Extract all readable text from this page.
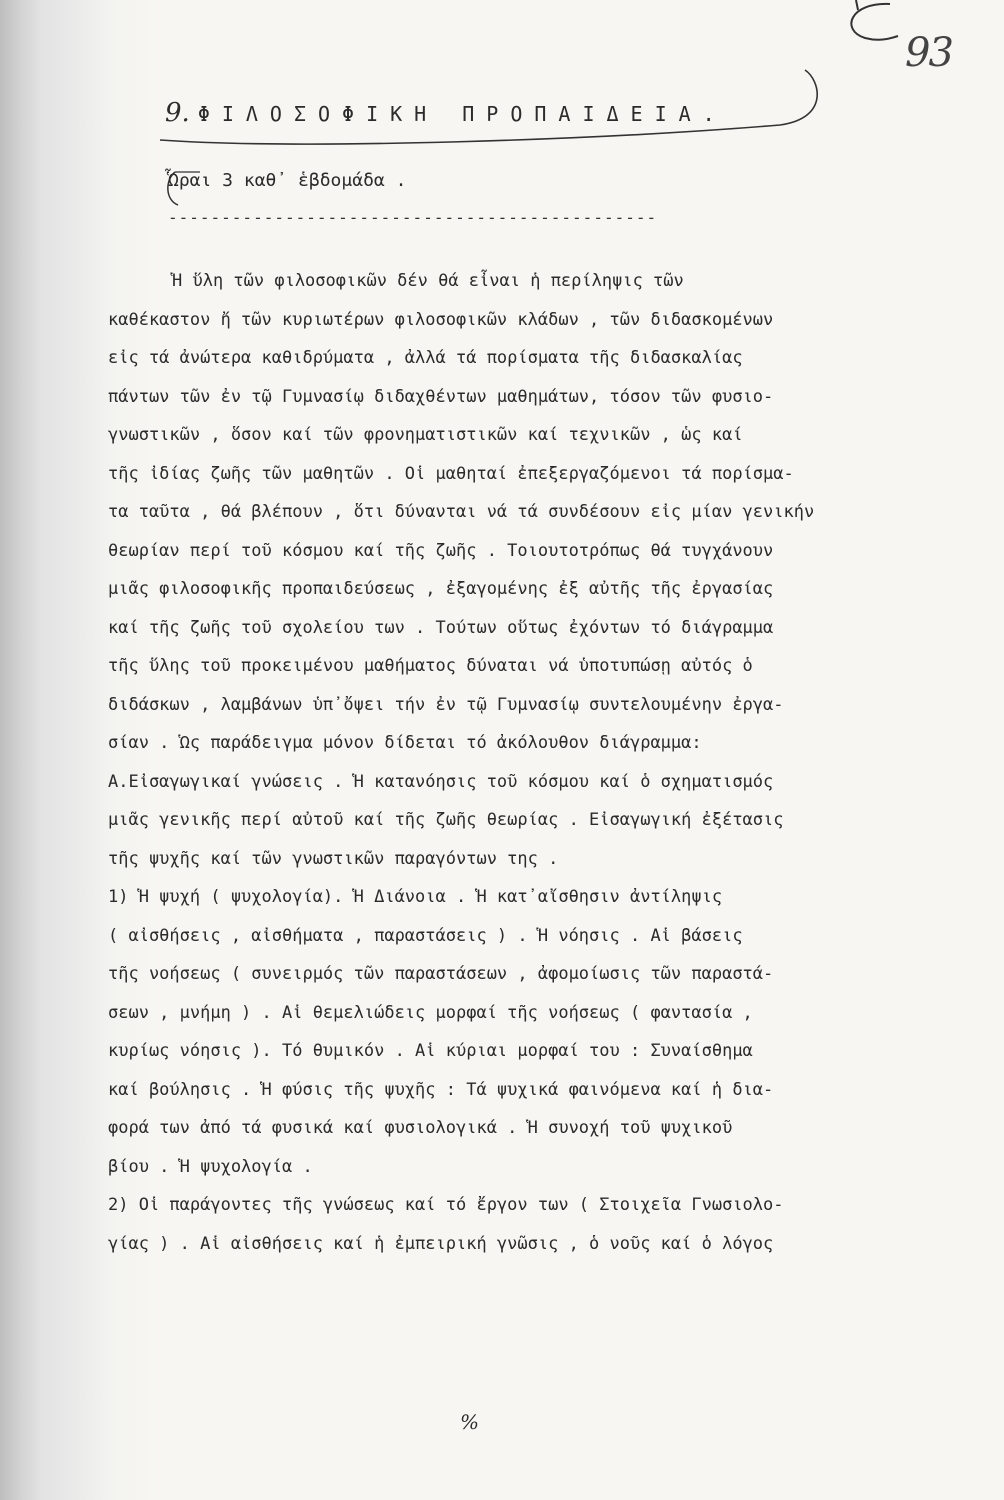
93
9. ΦΙΛΟΣΟΦΙΚΗ ΠΡΟΠΑΙΔΕΙΑ.
Ὧραι 3 καθ᾽ ἑβδομάδα .
----------------------------------------------
Ἡ ὕλη τῶν φιλοσοφικῶν δέν θά εἶναι ἡ περίληψις τῶν
καθέκαστον ἤ τῶν κυριωτέρων φιλοσοφικῶν κλάδων , τῶν διδασκομένων
εἰς τά ἀνώτερα καθιδρύματα , ἀλλά τά πορίσματα τῆς διδασκαλίας
πάντων τῶν ἐν τῷ Γυμνασίῳ διδαχθέντων μαθημάτων, τόσον τῶν φυσιο-
γνωστικῶν , ὅσον καί τῶν φρονηματιστικῶν καί τεχνικῶν , ὡς καί
τῆς ἰδίας ζωῆς τῶν μαθητῶν . Οἱ μαθηταί ἐπεξεργαζόμενοι τά πορίσμα-
τα ταῦτα , θά βλέπουν , ὅτι δύνανται νά τά συνδέσουν εἰς μίαν γενικήν
θεωρίαν περί τοῦ κόσμου καί τῆς ζωῆς . Τοιουτοτρόπως θά τυγχάνουν
μιᾶς φιλοσοφικῆς προπαιδεύσεως , ἐξαγομένης ἐξ αὐτῆς τῆς ἐργασίας
καί τῆς ζωῆς τοῦ σχολείου των . Τούτων οὕτως ἐχόντων τό διάγραμμα
τῆς ὕλης τοῦ προκειμένου μαθήματος δύναται νά ὑποτυπώσῃ αὐτός ὁ
διδάσκων , λαμβάνων ὑπ᾽ὄψει τήν ἐν τῷ Γυμνασίῳ συντελουμένην ἐργα-
σίαν . Ὡς παράδειγμα μόνον δίδεται τό ἀκόλουθον διάγραμμα:
Α.Εἰσαγωγικαί γνώσεις . Ἡ κατανόησις τοῦ κόσμου καί ὁ σχηματισμός
μιᾶς γενικῆς περί αὐτοῦ καί τῆς ζωῆς θεωρίας . Εἰσαγωγική ἐξέτασις
τῆς ψυχῆς καί τῶν γνωστικῶν παραγόντων της .
1) Ἡ ψυχή ( ψυχολογία). Ἡ Διάνοια . Ἡ κατ᾽αἴσθησιν ἀντίληψις
( αἰσθήσεις , αἰσθήματα , παραστάσεις ) . Ἡ νόησις . Αἱ βάσεις
τῆς νοήσεως ( συνειρμός τῶν παραστάσεων , ἀφομοίωσις τῶν παραστά-
σεων , μνήμη ) . Αἱ θεμελιώδεις μορφαί τῆς νοήσεως ( φαντασία ,
κυρίως νόησις ). Τό θυμικόν . Αἱ κύριαι μορφαί του : Συναίσθημα
καί βούλησις . Ἡ φύσις τῆς ψυχῆς : Τά ψυχικά φαινόμενα καί ἡ δια-
φορά των ἀπό τά φυσικά καί φυσιολογικά . Ἡ συνοχή τοῦ ψυχικοῦ
βίου . Ἡ ψυχολογία .
2) Οἱ παράγοντες τῆς γνώσεως καί τό ἔργον των ( Στοιχεῖα Γνωσιολο-
γίας ) . Αἱ αἰσθήσεις καί ἡ ἐμπειρική γνῶσις , ὁ νοῦς καί ὁ λόγος
%
